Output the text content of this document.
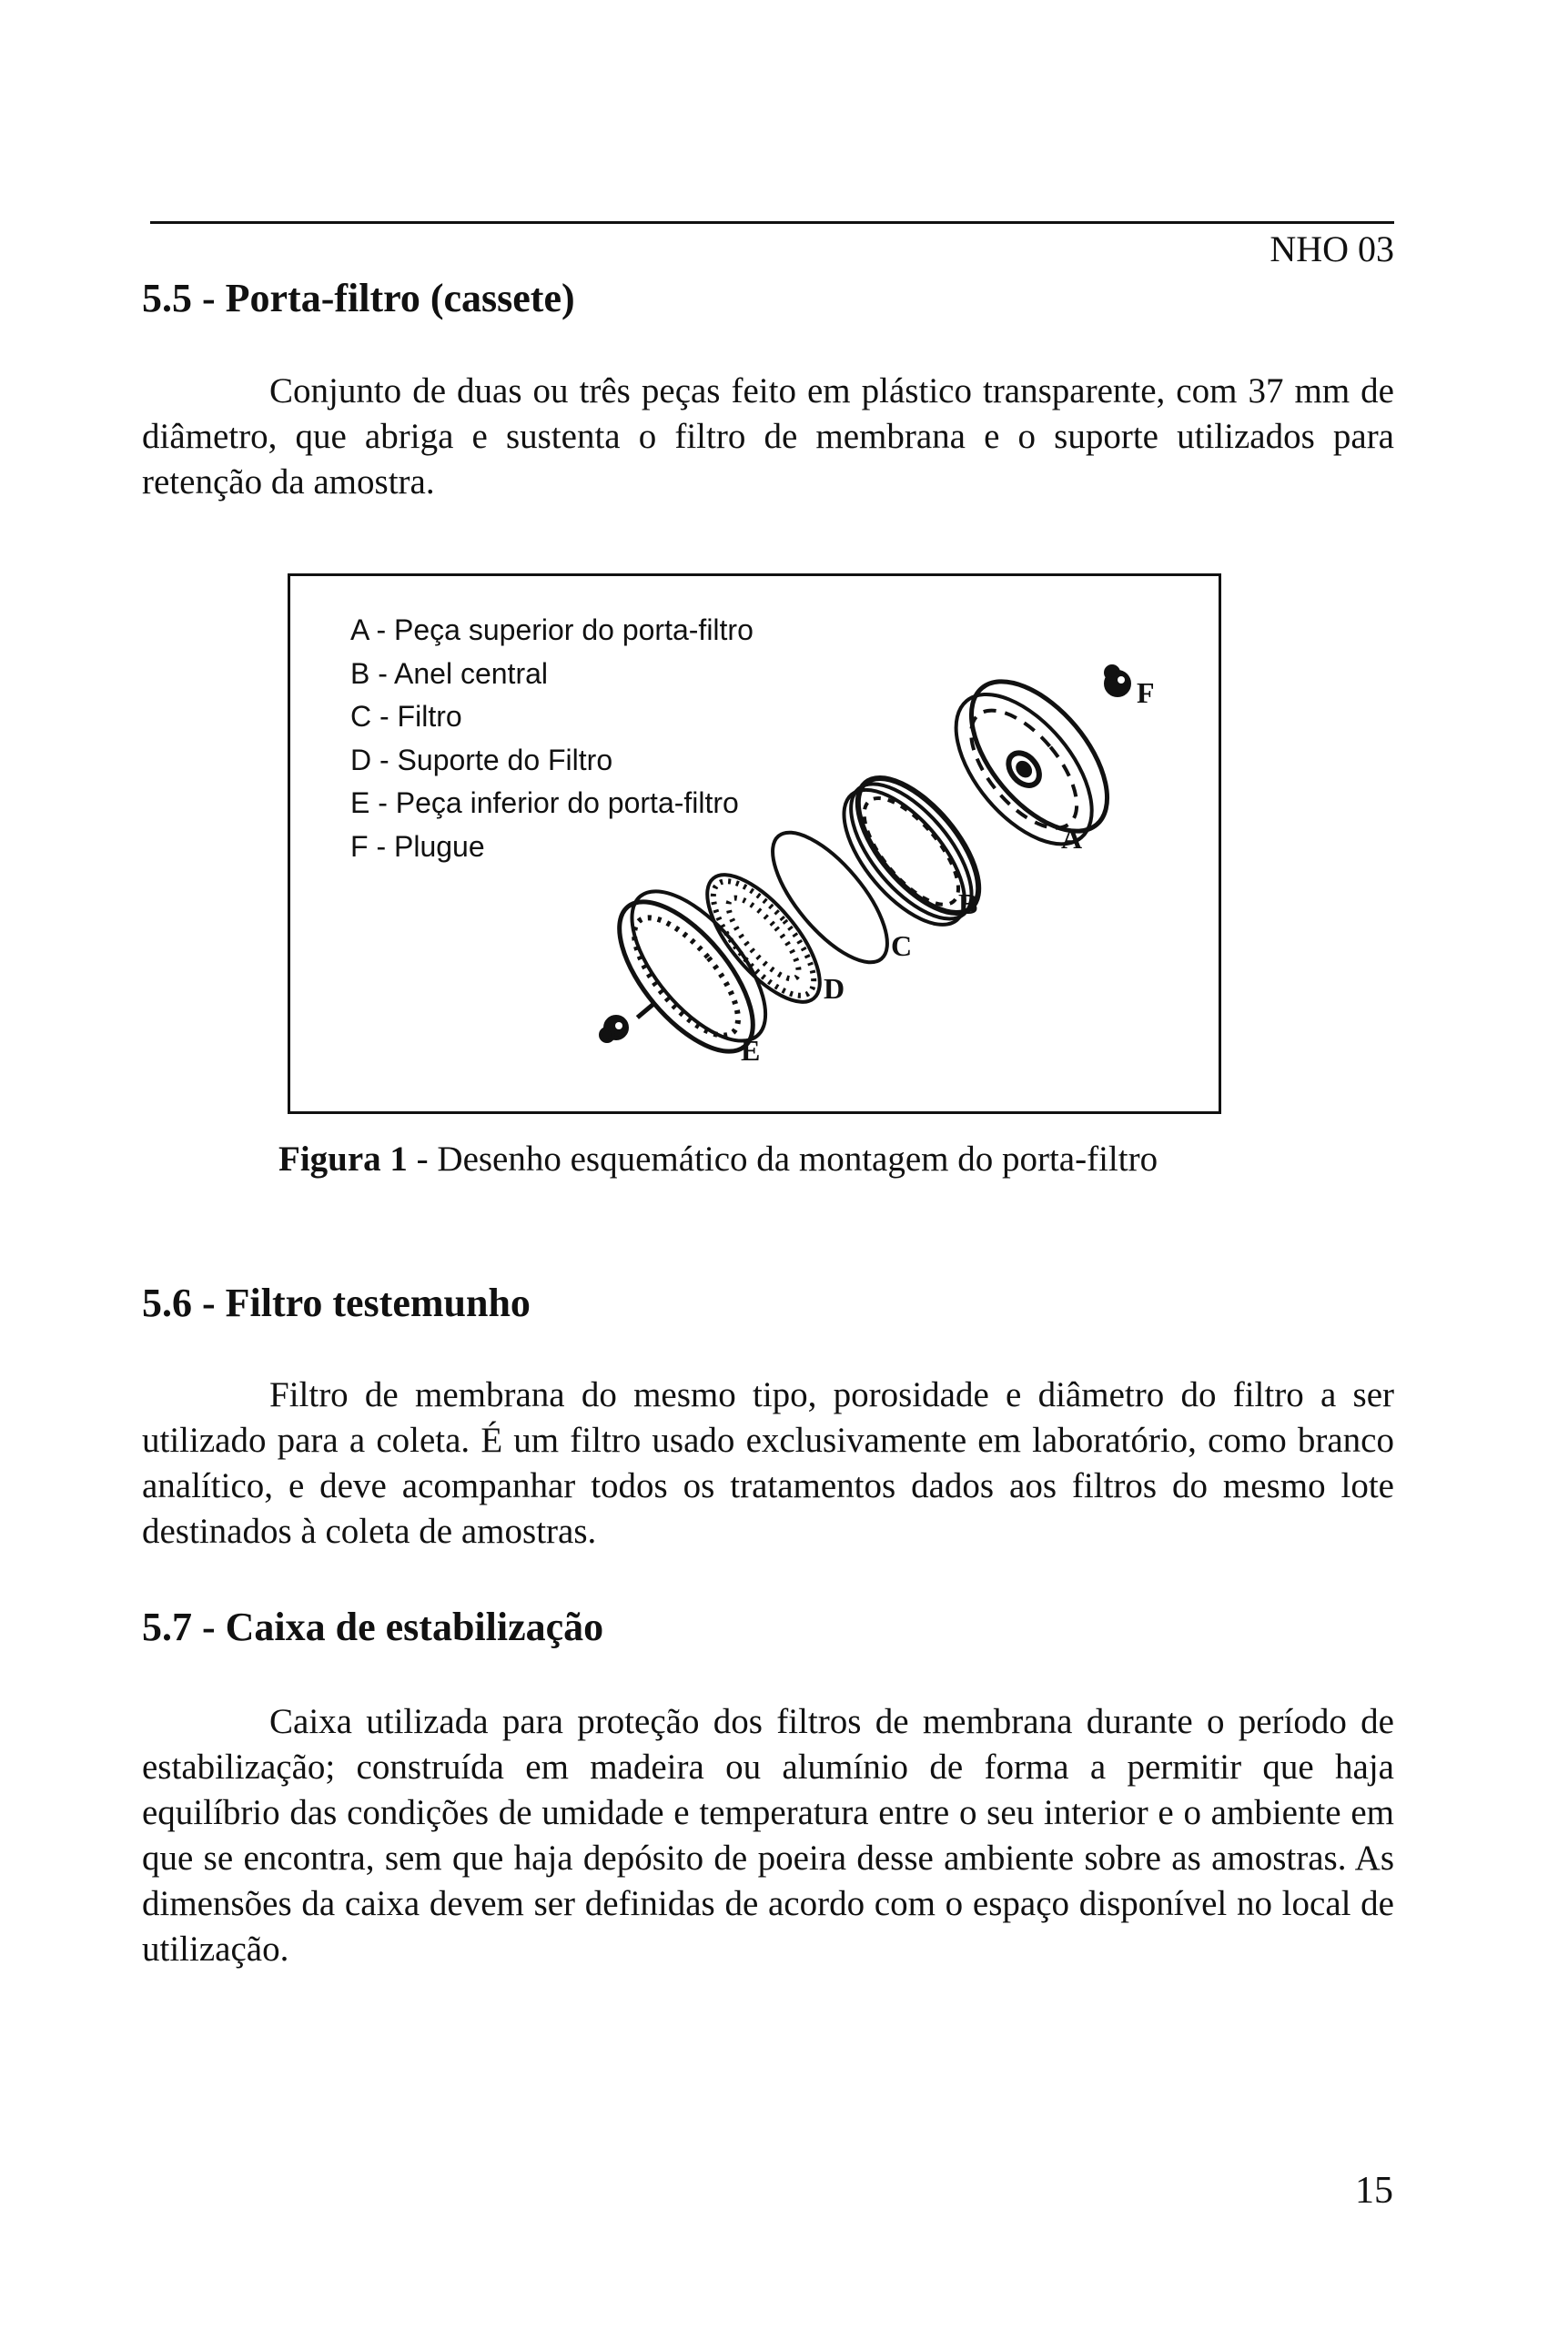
NHO 03
5.5 - Porta-filtro (cassete)

Conjunto de duas ou três peças feito em plástico transparente, com 37 mm de diâmetro, que abriga e sustenta o filtro de membrana e o suporte utilizados para retenção da amostra.

A - Peça superior do porta-filtro
B - Anel central
C - Filtro
D - Suporte do Filtro
E - Peça inferior do porta-filtro
F - Plugue
F
A
B
C
D
E
Figura 1 - Desenho esquemático da montagem do porta-filtro
5.6 - Filtro testemunho

Filtro de membrana do mesmo tipo, porosidade e diâmetro do filtro a ser utilizado para a coleta. É um filtro usado exclusivamente em laboratório, como branco analítico, e deve acompanhar todos os tratamentos dados aos filtros do mesmo lote destinados à coleta de amostras.

5.7 - Caixa de estabilização

Caixa utilizada para proteção dos filtros de membrana durante o período de estabilização; construída em madeira ou alumínio de forma a permitir que haja equilíbrio das condições de umidade e temperatura entre o seu interior e o ambiente em que se encontra, sem que haja depósito de poeira desse ambiente sobre as amostras. As dimensões da caixa devem ser definidas de acordo com o espaço disponível no local de utilização.

15
